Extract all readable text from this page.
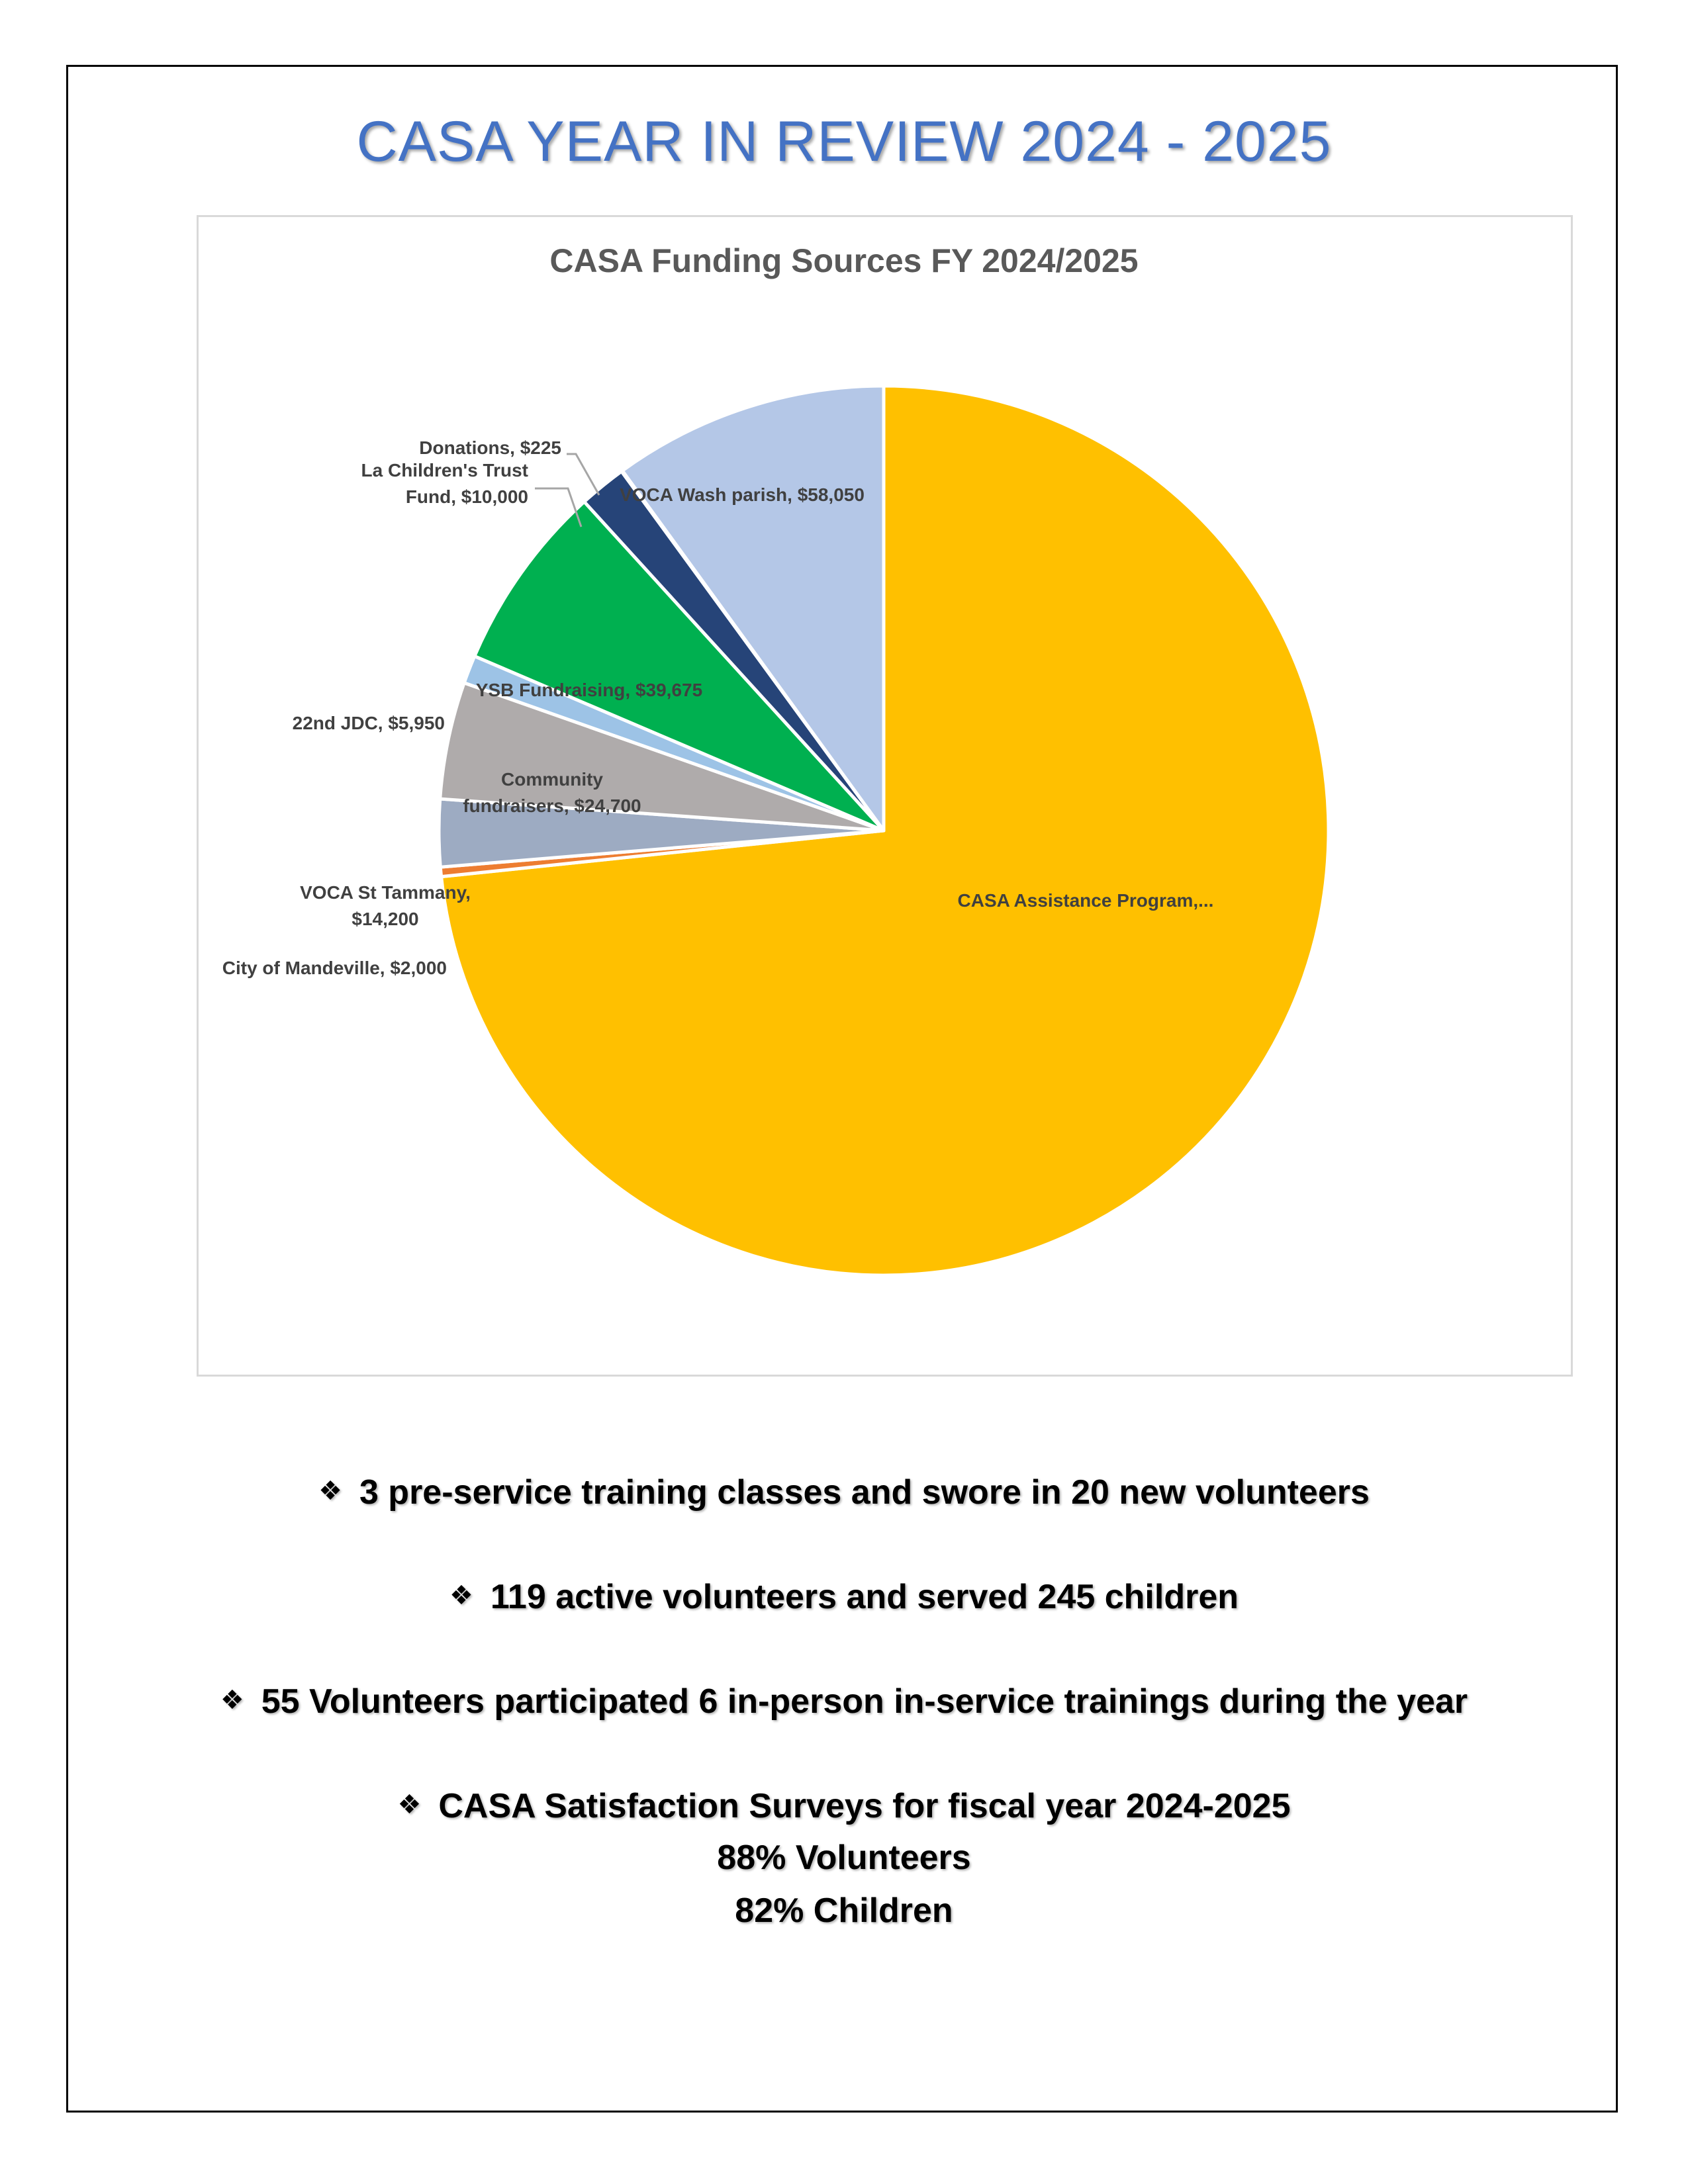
CASA YEAR IN REVIEW 2024 - 2025
CASA Funding Sources FY 2024/2025
CASA Assistance Program,...
City of Mandeville, $2,000
VOCA St Tammany, $14,200
Community fundraisers, $24,700
22nd JDC, $5,950
YSB Fundraising, $39,675
La Children's Trust Fund, $10,000
Donations, $225
VOCA Wash parish, $58,050
❖ 3 pre-service training classes and swore in 20 new volunteers
❖ 119 active volunteers and served 245 children
❖ 55 Volunteers participated 6 in-person in-service trainings during the year
❖ CASA Satisfaction Surveys for fiscal year 2024-2025
88% Volunteers
82% Children
